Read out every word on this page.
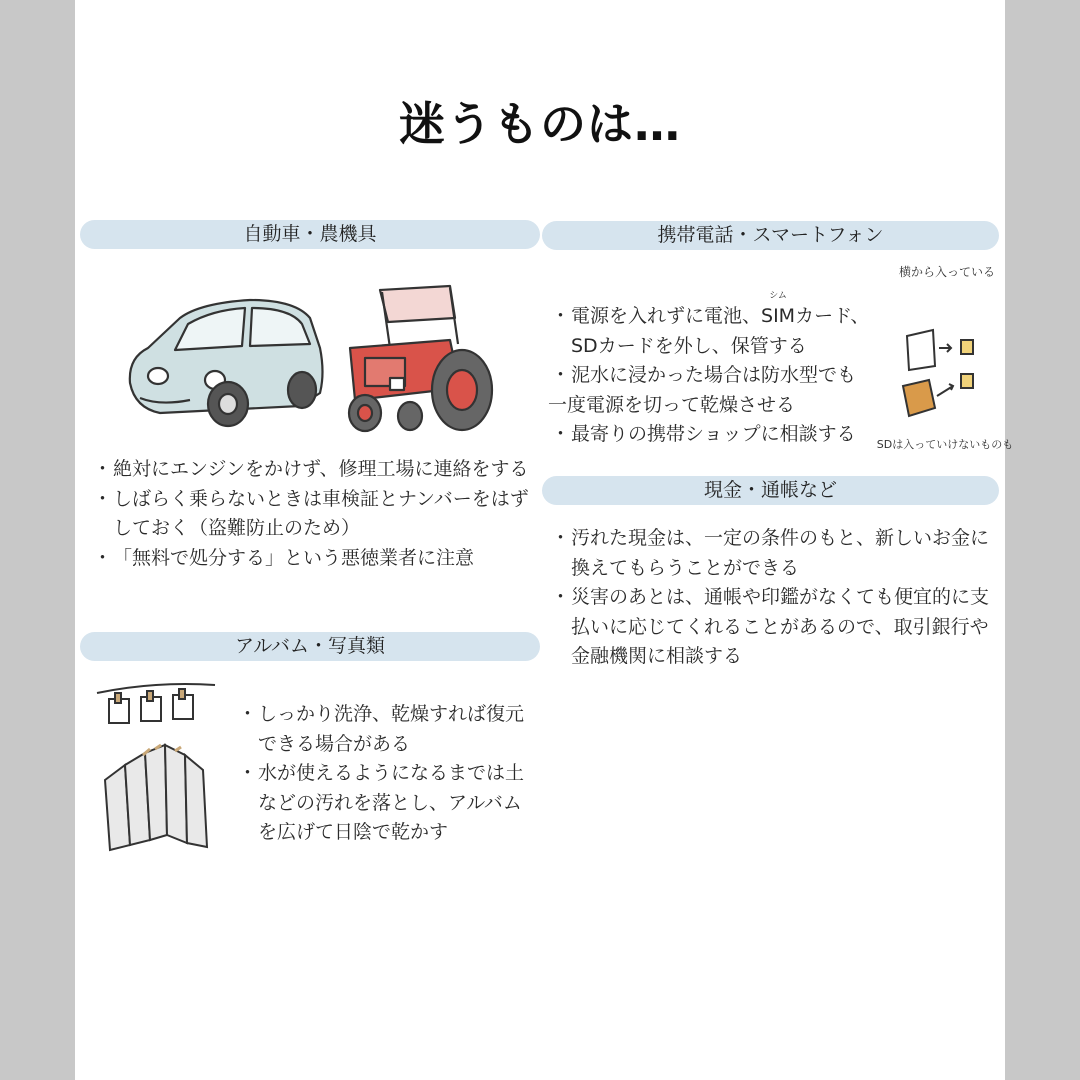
迷うものは…
自動車・農機具
・ 絶対にエンジンをかけず、修理工場に連絡をする
・ しばらく乗らないときは車検証とナンバーをはずしておく（盗難防止のため）
・ 「無料で処分する」という悪徳業者に注意
アルバム・写真類
・ しっかり洗浄、乾燥すれば復元できる場合がある
・ 水が使えるようになるまでは土などの汚れを落とし、アルバムを広げて日陰で乾かす
携帯電話・スマートフォン
・ 電源を入れずに電池、
シム
SIMカード、
SDカードを外し、保管する
・ 泥水に浸かった場合は防水型でも
一度電源を切って乾燥させる
・ 最寄りの携帯ショップに相談する
横から入っている
SDは入っていけないものも
現金・通帳など
・ 汚れた現金は、一定の条件のもと、新しいお金に換えてもらうことができる
・ 災害のあとは、通帳や印鑑がなくても便宜的に支払いに応じてくれることがあるので、取引銀行や金融機関に相談する
